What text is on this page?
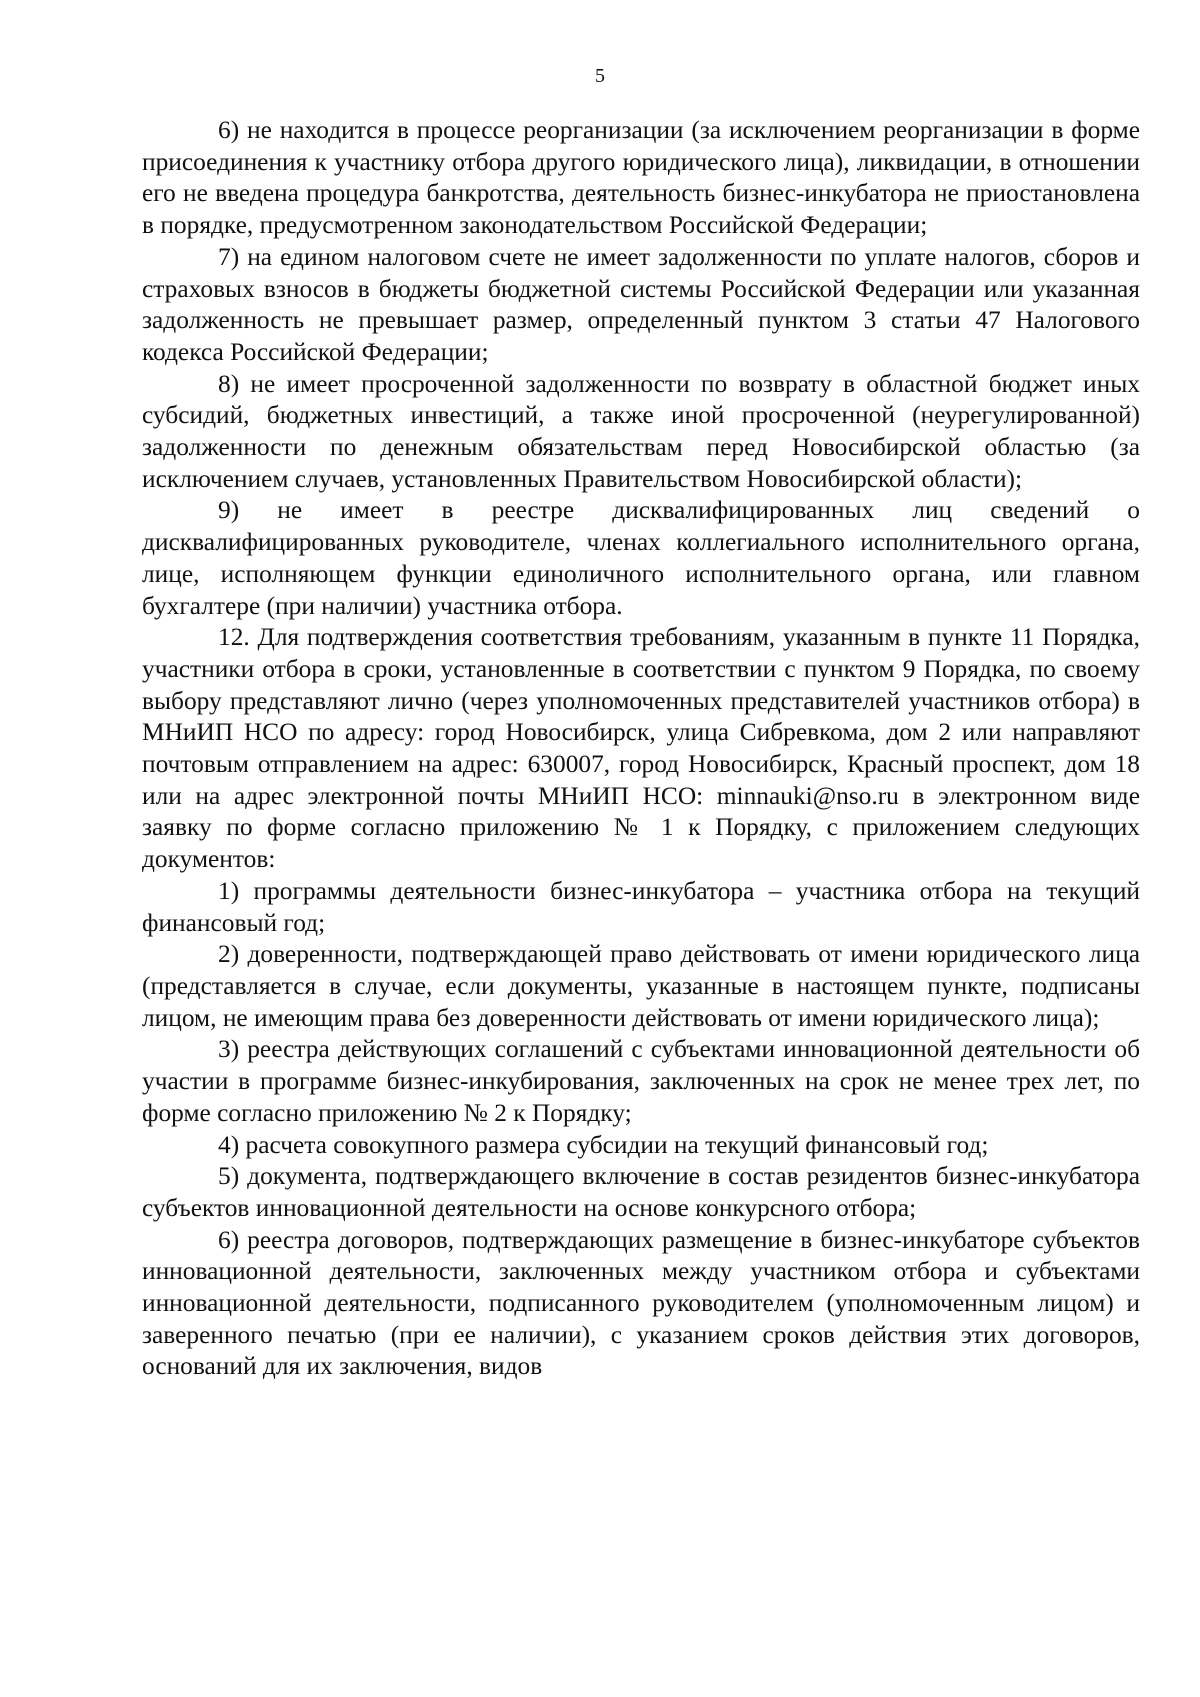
5

6) не находится в процессе реорганизации (за исключением реорганизации в форме присоединения к участнику отбора другого юридического лица), ликвидации, в отношении его не введена процедура банкротства, деятельность бизнес-инкубатора не приостановлена в порядке, предусмотренном законодательством Российской Федерации;

7) на едином налоговом счете не имеет задолженности по уплате налогов, сборов и страховых взносов в бюджеты бюджетной системы Российской Федерации или указанная задолженность не превышает размер, определенный пунктом 3 статьи 47 Налогового кодекса Российской Федерации;

8) не имеет просроченной задолженности по возврату в областной бюджет иных субсидий, бюджетных инвестиций, а также иной просроченной (неурегулированной) задолженности по денежным обязательствам перед Новосибирской областью (за исключением случаев, установленных Правительством Новосибирской области);

9) не имеет в реестре дисквалифицированных лиц сведений о дисквалифицированных руководителе, членах коллегиального исполнительного органа, лице, исполняющем функции единоличного исполнительного органа, или главном бухгалтере (при наличии) участника отбора.

12. Для подтверждения соответствия требованиям, указанным в пункте 11 Порядка, участники отбора в сроки, установленные в соответствии с пунктом 9 Порядка, по своему выбору представляют лично (через уполномоченных представителей участников отбора) в МНиИП НСО по адресу: город Новосибирск, улица Сибревкома, дом 2 или направляют почтовым отправлением на адрес: 630007, город Новосибирск, Красный проспект, дом 18 или на адрес электронной почты МНиИП НСО: minnauki@nso.ru в электронном виде заявку по форме согласно приложению № 1 к Порядку, с приложением следующих документов:

1) программы деятельности бизнес-инкубатора – участника отбора на текущий финансовый год;

2) доверенности, подтверждающей право действовать от имени юридического лица (представляется в случае, если документы, указанные в настоящем пункте, подписаны лицом, не имеющим права без доверенности действовать от имени юридического лица);

3) реестра действующих соглашений с субъектами инновационной деятельности об участии в программе бизнес-инкубирования, заключенных на срок не менее трех лет, по форме согласно приложению № 2 к Порядку;

4) расчета совокупного размера субсидии на текущий финансовый год;

5) документа, подтверждающего включение в состав резидентов бизнес-инкубатора субъектов инновационной деятельности на основе конкурсного отбора;

6) реестра договоров, подтверждающих размещение в бизнес-инкубаторе субъектов инновационной деятельности, заключенных между участником отбора и субъектами инновационной деятельности, подписанного руководителем (уполномоченным лицом) и заверенного печатью (при ее наличии), с указанием сроков действия этих договоров, оснований для их заключения, видов
